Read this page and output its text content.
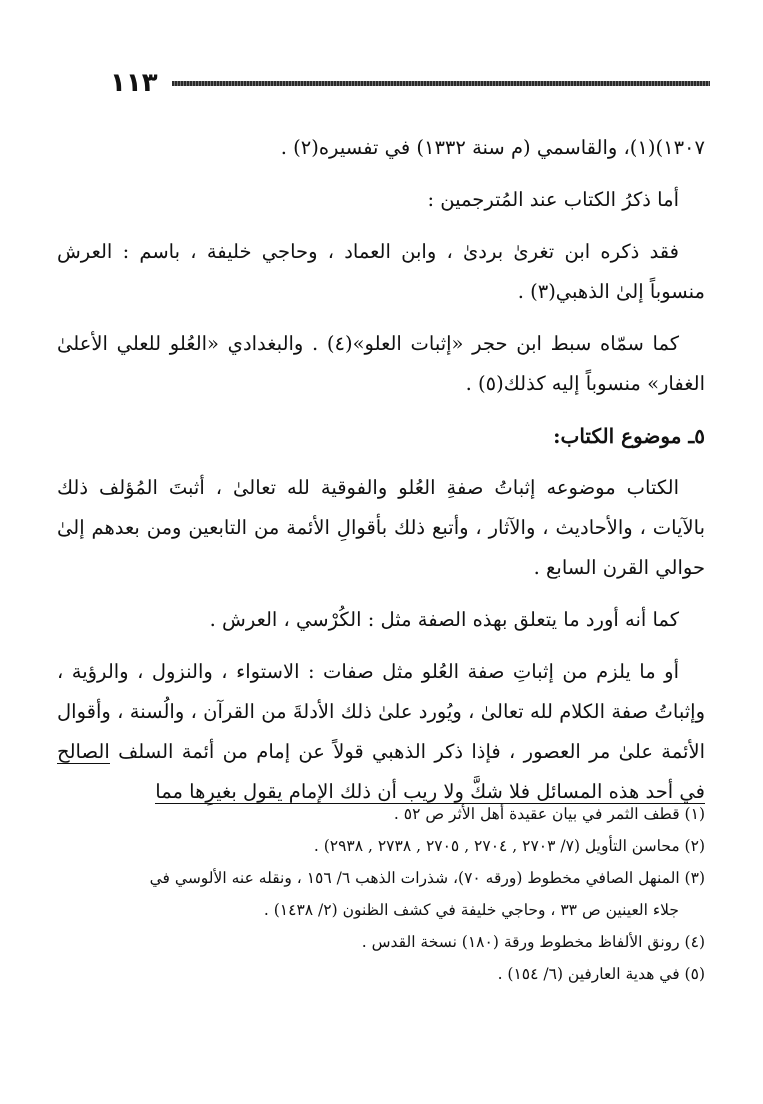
١١٣

١٣٠٧)(١)، والقاسمي (م سنة ١٣٣٢) في تفسيره(٢) .

أما ذكرُ الكتاب عند المُترجمين :

فقد ذكره ابن تغرىٰ بردىٰ ، وابن العماد ، وحاجي خليفة ، باسم : العرش منسوباً إلىٰ الذهبي(٣) .

كما سمّاه سبط ابن حجر «إثبات العلو»(٤) . والبغدادي «العُلو للعلي الأعلىٰ الغفار» منسوباً إليه كذلك(٥) .

٥ـ موضوع الكتاب:

الكتاب موضوعه إثباتُ صفةِ العُلو والفوقية لله تعالىٰ ، أثبتَ المُؤلف ذلك بالآيات ، والأحاديث ، والآثار ، وأتبع ذلك بأقوالِ الأئمة من التابعين ومن بعدهم إلىٰ حوالي القرن السابع .

كما أنه أورد ما يتعلق بهذه الصفة مثل : الكُرْسي ، العرش .

أو ما يلزم من إثباتِ صفة العُلو مثل صفات : الاستواء ، والنزول ، والرؤية ، وإثباتُ صفة الكلام لله تعالىٰ ، ويُورد علىٰ ذلك الأدلةَ من القرآن ، والُسنة ، وأقوال الأئمة علىٰ مر العصور ، فإذا ذكر الذهبي قولاً عن إمام من أئمة السلف الصالح في أحد هذه المسائل فلا شكَّ ولا ريب أن ذلك الإمام يقول بغيرِها مما

(١) قطف الثمر في بيان عقيدة أهل الأثر ص ٥٢ .

(٢) محاسن التأويل (٧/ ٢٧٠٣ , ٢٧٠٤ , ٢٧٠٥ , ٢٧٣٨ , ٢٩٣٨) .

(٣) المنهل الصافي مخطوط (ورقه ٧٠)، شذرات الذهب ٦/ ١٥٦ ، ونقله عنه الألوسي في

جلاء العينين ص ٣٣ ، وحاجي خليفة في كشف الظنون (٢/ ١٤٣٨) .

(٤) رونق الألفاظ مخطوط ورقة (١٨٠) نسخة القدس .

(٥) في هدية العارفين (٦/ ١٥٤) .
